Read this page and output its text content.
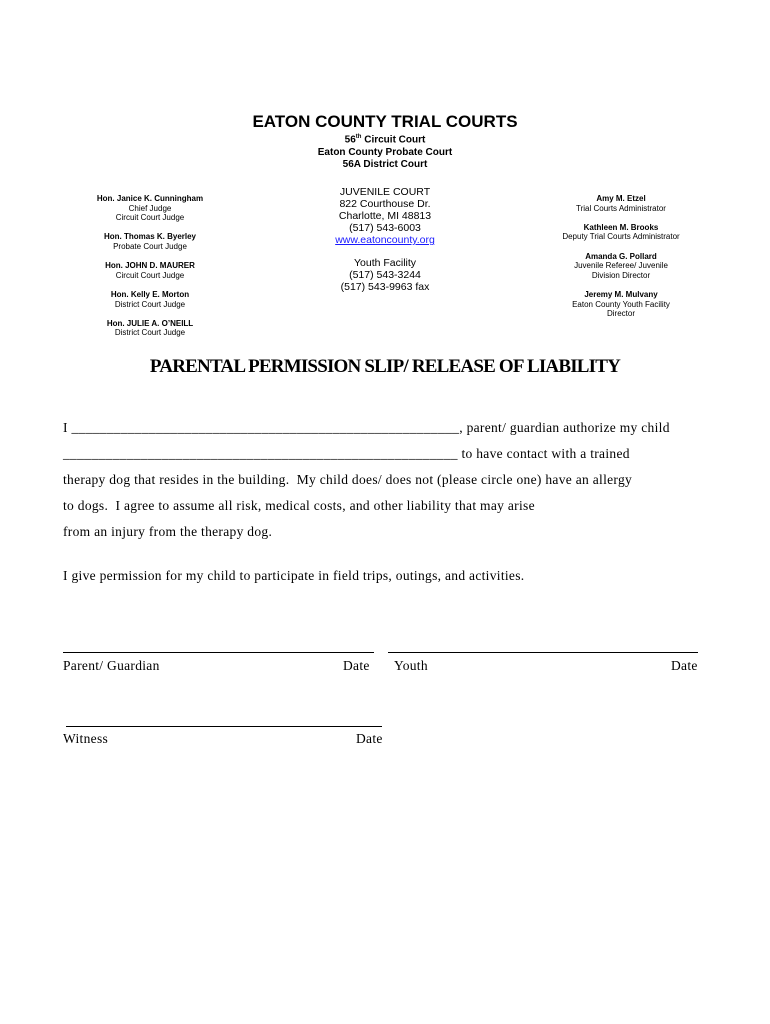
EATON COUNTY TRIAL COURTS
56th Circuit Court
Eaton County Probate Court
56A District Court
Hon. Janice K. Cunningham
Chief Judge
Circuit Court Judge
Hon. Thomas K. Byerley
Probate Court Judge
Hon. JOHN D. MAURER
Circuit Court Judge
Hon. Kelly E. Morton
District Court Judge
Hon. JULIE A. O’NEILL
District Court Judge
JUVENILE COURT
822 Courthouse Dr.
Charlotte, MI 48813
(517) 543-6003
www.eatoncounty.org
Youth Facility
(517) 543-3244
(517) 543-9963 fax
Amy M. Etzel
Trial Courts Administrator
Kathleen M. Brooks
Deputy Trial Courts Administrator
Amanda G. Pollard
Juvenile Referee/ Juvenile
Division Director
Jeremy M. Mulvany
Eaton County Youth Facility
Director
PARENTAL PERMISSION SLIP/ RELEASE OF LIABILITY
I _______________________________________________________, parent/ guardian authorize my child
________________________________________________________ to have contact with a trained
therapy dog that resides in the building.  My child does/ does not (please circle one) have an allergy
to dogs.  I agree to assume all risk, medical costs, and other liability that may arise
from an injury from the therapy dog.
I give permission for my child to participate in field trips, outings, and activities.
Parent/ Guardian	Date Youth	Date
Witness	Date
